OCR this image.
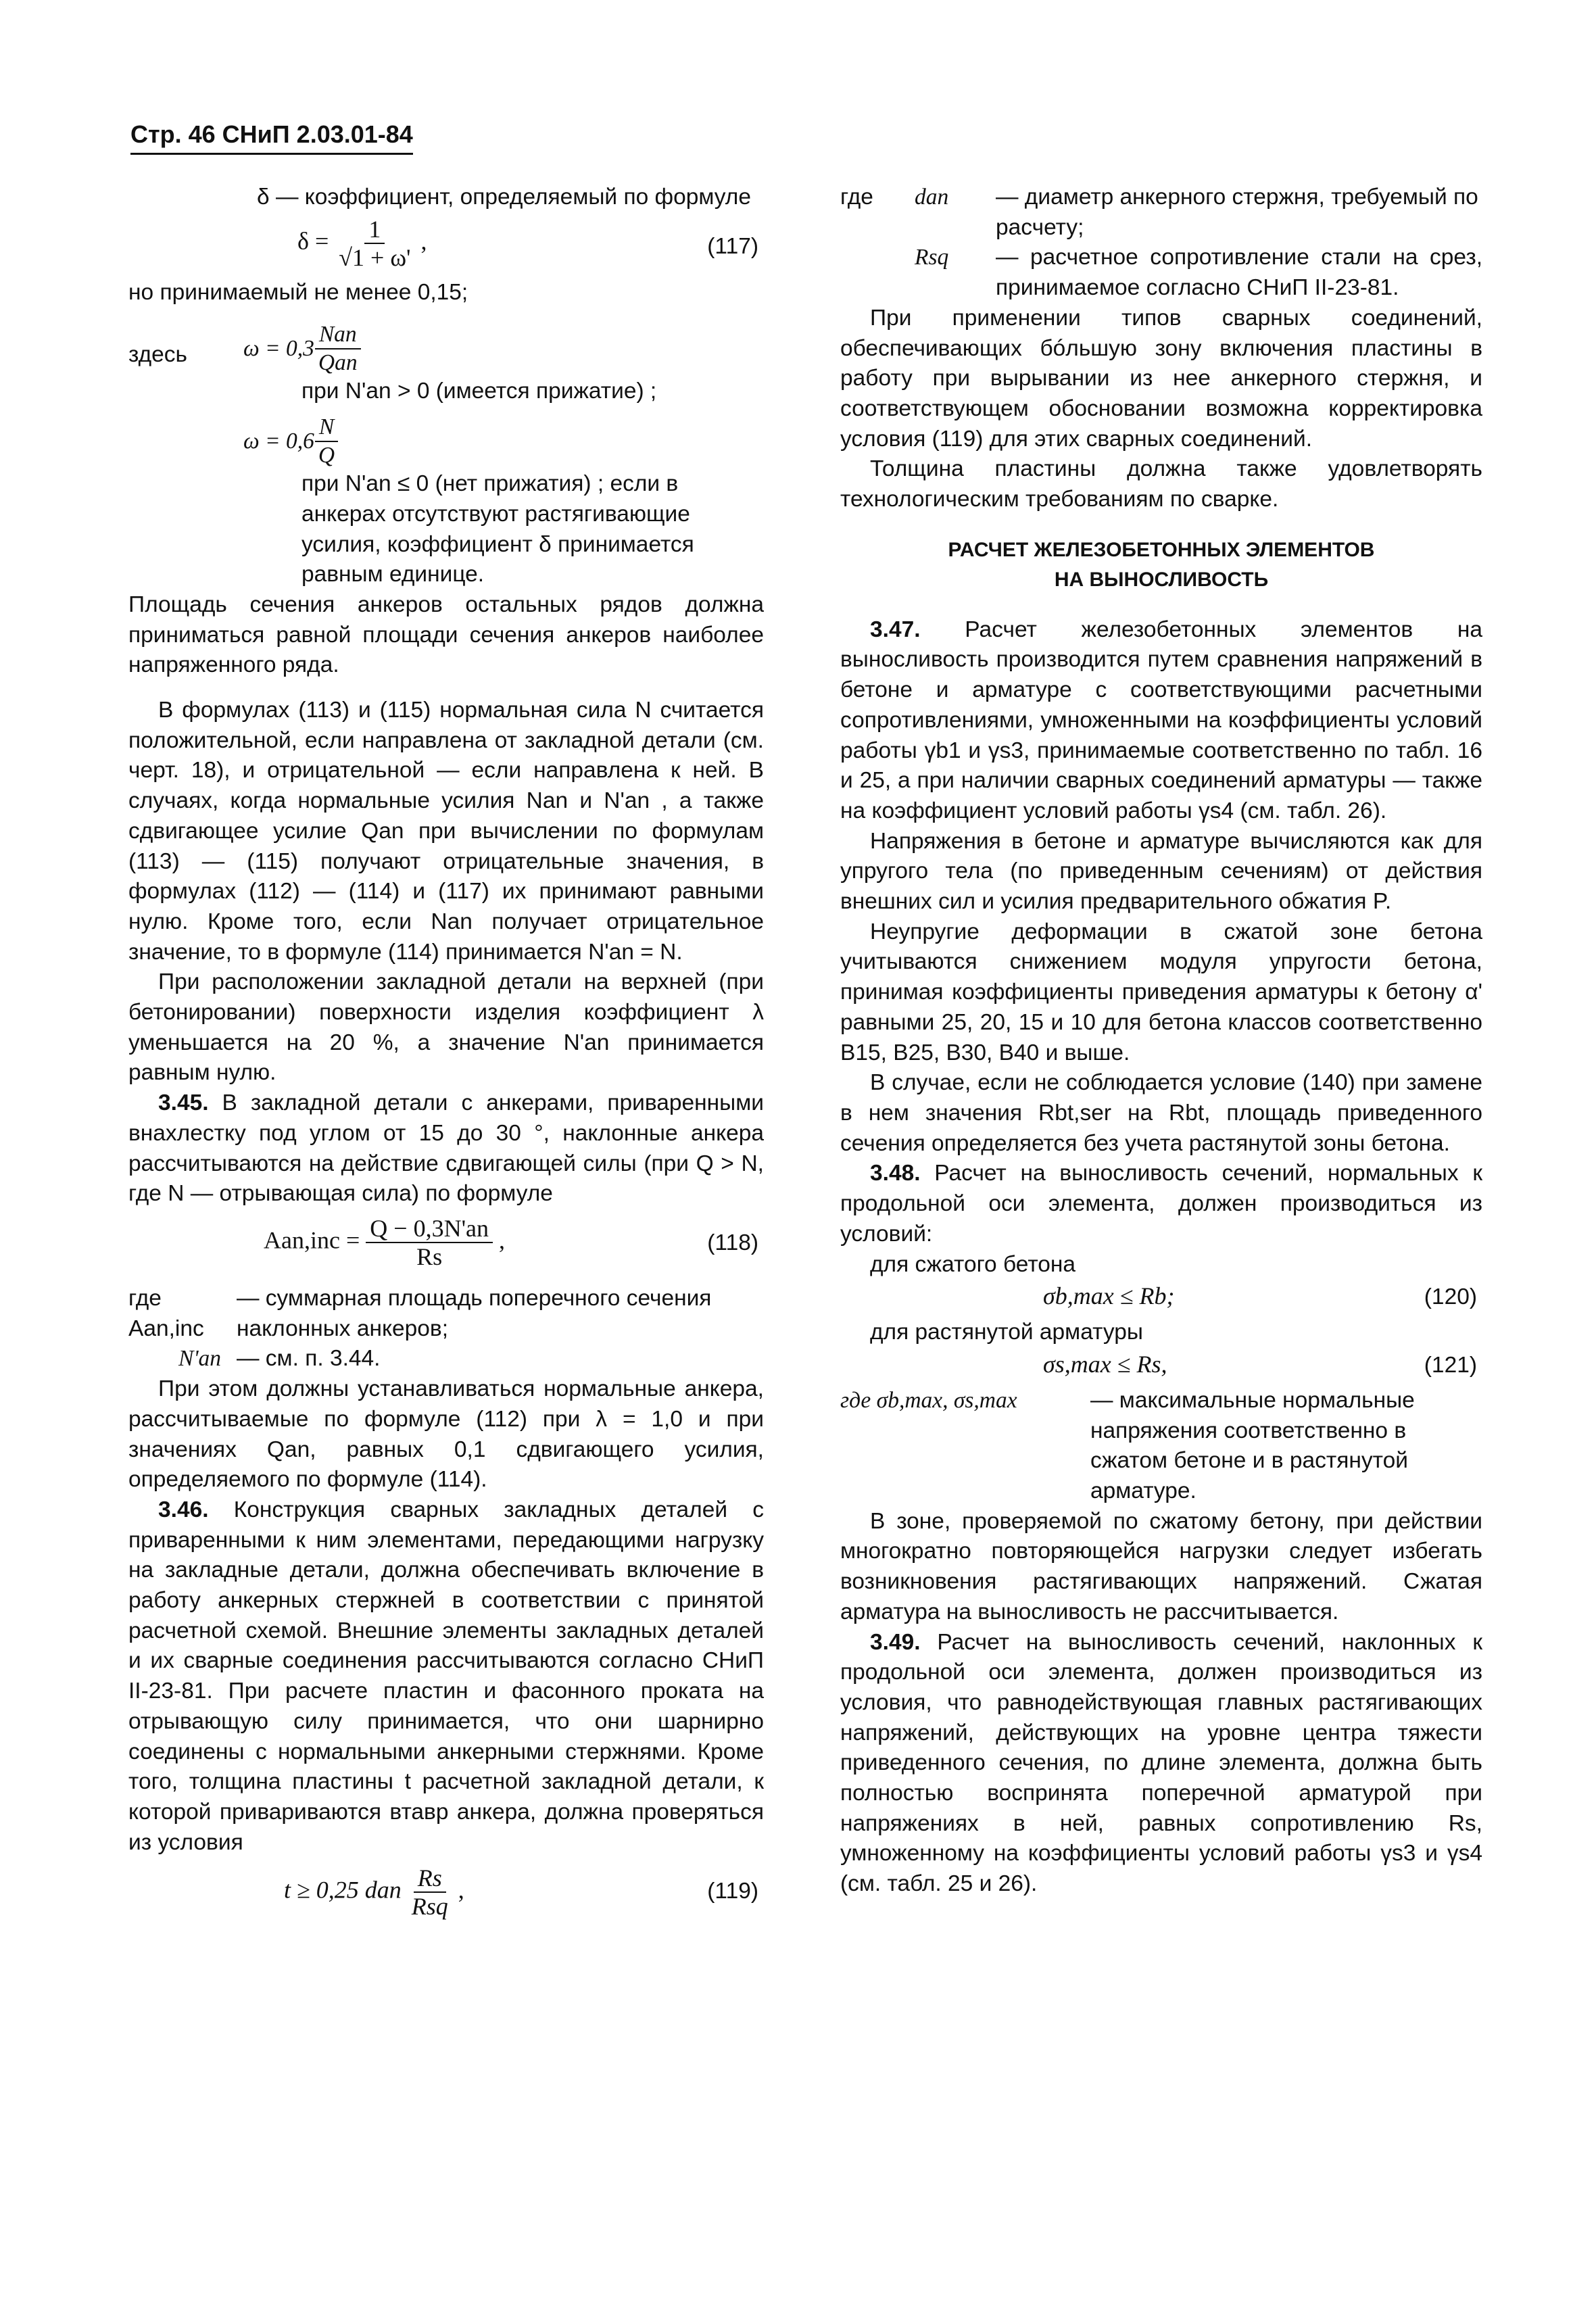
Стр. 46 СНиП 2.03.01-84

δ — коэффициент, определяемый по формуле

$\delta = \frac{1}{√1 + \omega'}$ ,	(117)

но принимаемый не менее 0,15;

здесь	$\omega = 0,3 \frac{\text{Nan}}{\text{Qan}}$

при N'an > 0 (имеется прижатие) ;

$\omega = 0,6 \frac{N}{Q}$

при N'an ≤ 0 (нет прижатия) ; если в анкерах отсутствуют растягивающие усилия, коэффициент δ принимается равным единице.

Площадь сечения анкеров остальных рядов должна приниматься равной площади сечения анкеров наиболее напряженного ряда.

В формулах (113) и (115) нормальная сила N считается положительной, если направлена от закладной детали (см. черт. 18), и отрицательной — если направлена к ней. В случаях, когда нормальные усилия Nan и N'an , а также сдвигающее усилие Qan при вычислении по формулам (113) — (115) получают отрицательные значения, в формулах (112) — (114) и (117) их принимают равными нулю. Кроме того, если Nan получает отрицательное значение, то в формуле (114) принимается N'an = N.

При расположении закладной детали на верхней (при бетонировании) поверхности изделия коэффициент λ уменьшается на 20 %, а значение N'an принимается равным нулю.

3.45. В закладной детали с анкерами, приваренными внахлестку под углом от 15 до 30 °, наклонные анкера рассчитываются на действие сдвигающей силы (при Q > N, где N — отрывающая сила) по формуле

$Aan,inc = \frac{Q - 0,3N'an}{Rs}$ ,	(118)
где Aan,inc
— суммарная площадь поперечного сечения наклонных анкеров;
N'an — см. п. 3.44.

При этом должны устанавливаться нормальные анкера, рассчитываемые по формуле (112) при λ = 1,0 и при значениях Qan, равных 0,1 сдвигающего усилия, определяемого по формуле (114).

3.46. Конструкция сварных закладных деталей с приваренными к ним элементами, передающими нагрузку на закладные детали, должна обеспечивать включение в работу анкерных стержней в соответствии с принятой расчетной схемой. Внешние элементы закладных деталей и их сварные соединения рассчитываются согласно СНиП II-23-81. При расчете пластин и фасонного проката на отрывающую силу принимается, что они шарнирно соединены с нормальными анкерными стержнями. Кроме того, толщина пластины t расчетной закладной детали, к которой привариваются втавр анкера, должна проверяться из условия

t ≥ 0,25 dan $\frac{Rs}{\text{Rsq}}$ ,	(119)
где	dan	— диаметр анкерного стержня, требуемый по расчету;
Rsq	— расчетное сопротивление стали на срез, принимаемое согласно СНиП II-23-81.

При применении типов сварных соединений, обеспечивающих бóльшую зону включения пластины в работу при вырывании из нее анкерного стержня, и соответствующем обосновании возможна корректировка условия (119) для этих сварных соединений.

Толщина пластины должна также удовлетворять технологическим требованиям по сварке.

РАСЧЕТ ЖЕЛЕЗОБЕТОННЫХ ЭЛЕМЕНТОВ
НА ВЫНОСЛИВОСТЬ

3.47. Расчет железобетонных элементов на выносливость производится путем сравнения напряжений в бетоне и арматуре с соответствующими расчетными сопротивлениями, умноженными на коэффициенты условий работы γb1 и γs3, принимаемые соответственно по табл. 16 и 25, а при наличии сварных соединений арматуры — также на коэффициент условий работы γs4 (см. табл. 26).

Напряжения в бетоне и арматуре вычисляются как для упругого тела (по приведенным сечениям) от действия внешних сил и усилия предварительного обжатия P.

Неупругие деформации в сжатой зоне бетона учитываются снижением модуля упругости бетона, принимая коэффициенты приведения арматуры к бетону α' равными 25, 20, 15 и 10 для бетона классов соответственно B15, B25, B30, B40 и выше.

В случае, если не соблюдается условие (140) при замене в нем значения Rbt,ser на Rbt, площадь приведенного сечения определяется без учета растянутой зоны бетона.

3.48. Расчет на выносливость сечений, нормальных к продольной оси элемента, должен производиться из условий:

для сжатого бетона

σb,max ≤ Rb;	(120)

для растянутой арматуры

σs,max ≤ Rs,	(121)
где σb,max, σs,max	— максимальные нормальные напряжения соответственно в сжатом бетоне и в растянутой арматуре.

В зоне, проверяемой по сжатому бетону, при действии многократно повторяющейся нагрузки следует избегать возникновения растягивающих напряжений. Сжатая арматура на выносливость не рассчитывается.

3.49. Расчет на выносливость сечений, наклонных к продольной оси элемента, должен производиться из условия, что равнодействующая главных растягивающих напряжений, действующих на уровне центра тяжести приведенного сечения, по длине элемента, должна быть полностью воспринята поперечной арматурой при напряжениях в ней, равных сопротивлению Rs, умноженному на коэффициенты условий работы γs3 и γs4 (см. табл. 25 и 26).
